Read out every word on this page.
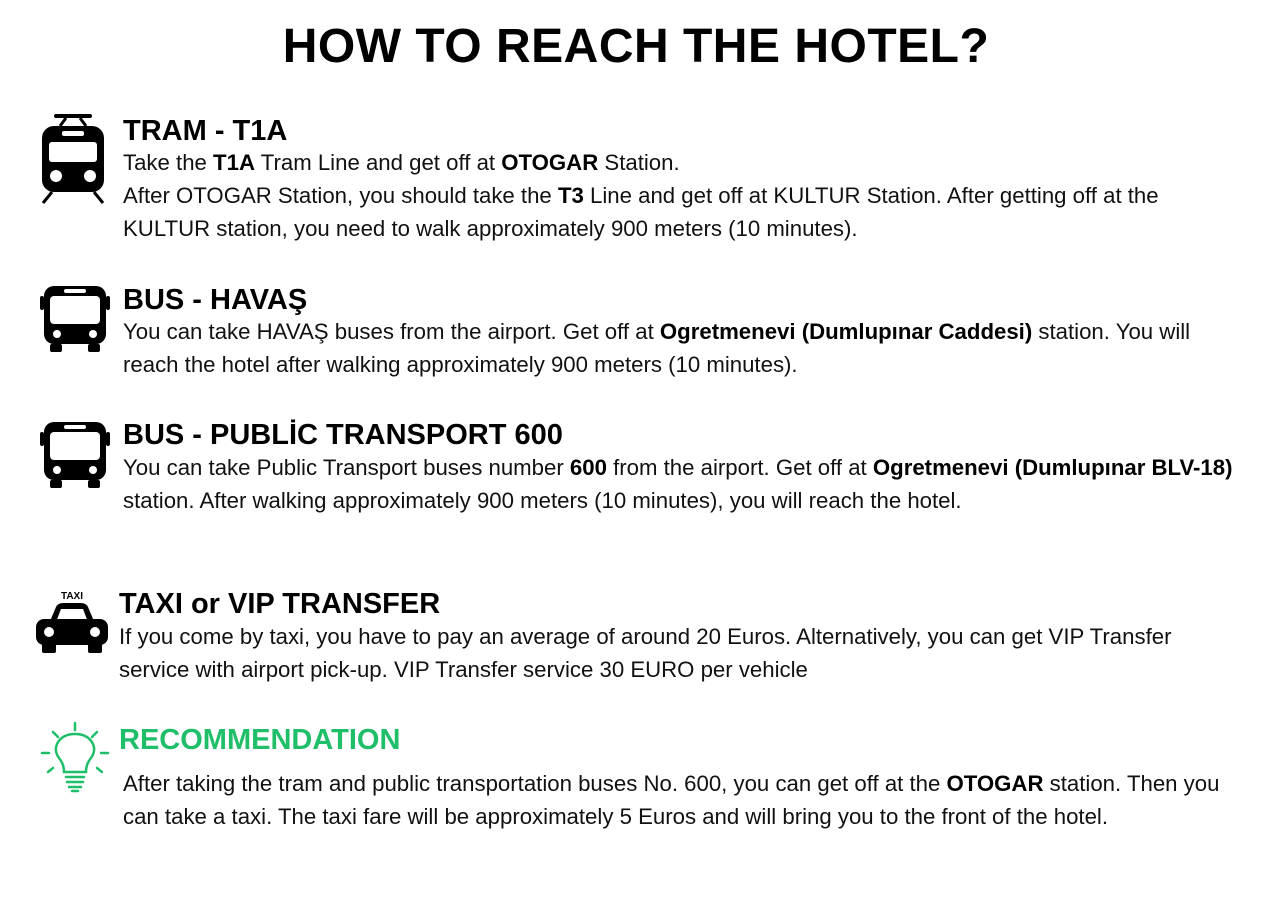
HOW TO REACH THE HOTEL?
TRAM - T1A
Take the T1A Tram Line and get off at OTOGAR Station.
After OTOGAR Station, you should take the T3 Line and get off at KULTUR Station. After getting off at the KULTUR station, you need to walk approximately 900 meters (10 minutes).
BUS - HAVAŞ
You can take HAVAŞ buses from the airport. Get off at Ogretmenevi (Dumlupınar Caddesi) station. You will reach the hotel after walking approximately 900 meters (10 minutes).
BUS - PUBLİC TRANSPORT 600
You can take Public Transport buses number 600 from the airport. Get off at Ogretmenevi (Dumlupınar BLV-18) station. After walking approximately 900 meters (10 minutes), you will reach the hotel.
TAXI TAXI or VIP TRANSFER
If you come by taxi, you have to pay an average of around 20 Euros. Alternatively, you can get VIP Transfer service with airport pick-up. VIP Transfer service 30 EURO per vehicle
RECOMMENDATION
After taking the tram and public transportation buses No. 600, you can get off at the OTOGAR station. Then you can take a taxi. The taxi fare will be approximately 5 Euros and will bring you to the front of the hotel.
